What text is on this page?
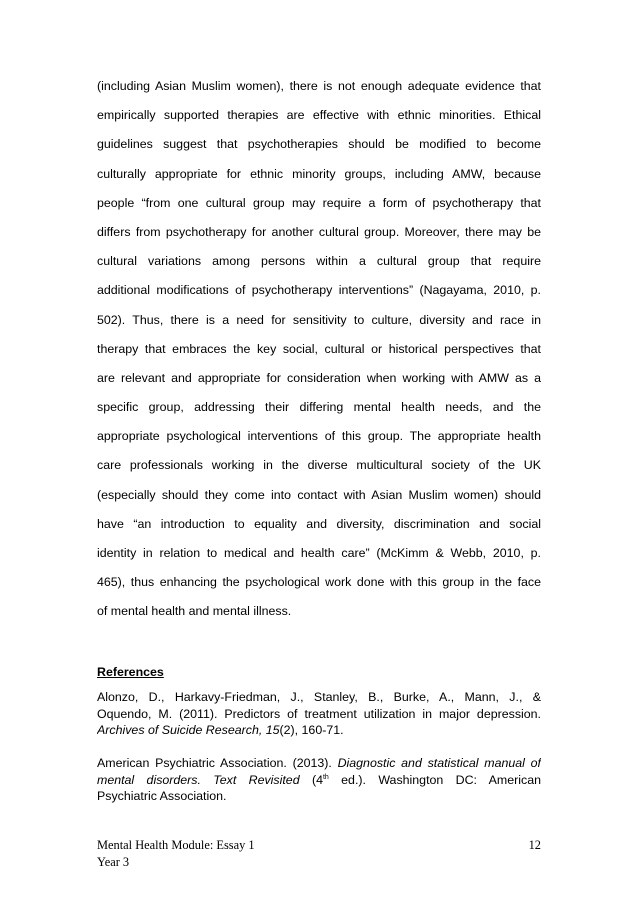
(including Asian Muslim women), there is not enough adequate evidence that
empirically supported therapies are effective with ethnic minorities. Ethical
guidelines suggest that psychotherapies should be modified to become
culturally appropriate for ethnic minority groups, including AMW, because
people “from one cultural group may require a form of psychotherapy that
differs from psychotherapy for another cultural group. Moreover, there may be
cultural variations among persons within a cultural group that require
additional modifications of psychotherapy interventions” (Nagayama, 2010, p.
502). Thus, there is a need for sensitivity to culture, diversity and race in
therapy that embraces the key social, cultural or historical perspectives that
are relevant and appropriate for consideration when working with AMW as a
specific group, addressing their differing mental health needs, and the
appropriate psychological interventions of this group. The appropriate health
care professionals working in the diverse multicultural society of the UK
(especially should they come into contact with Asian Muslim women) should
have “an introduction to equality and diversity, discrimination and social
identity in relation to medical and health care” (McKimm & Webb, 2010, p.
465), thus enhancing the psychological work done with this group in the face
of mental health and mental illness.
References
Alonzo, D., Harkavy-Friedman, J., Stanley, B., Burke, A., Mann, J., &
Oquendo, M. (2011). Predictors of treatment utilization in major depression.
Archives of Suicide Research, 15(2), 160-71.
American Psychiatric Association. (2013). Diagnostic and statistical manual of
mental disorders. Text Revisited (4th ed.). Washington DC: American
Psychiatric Association.
Mental Health Module: Essay 1
Year 3
12
